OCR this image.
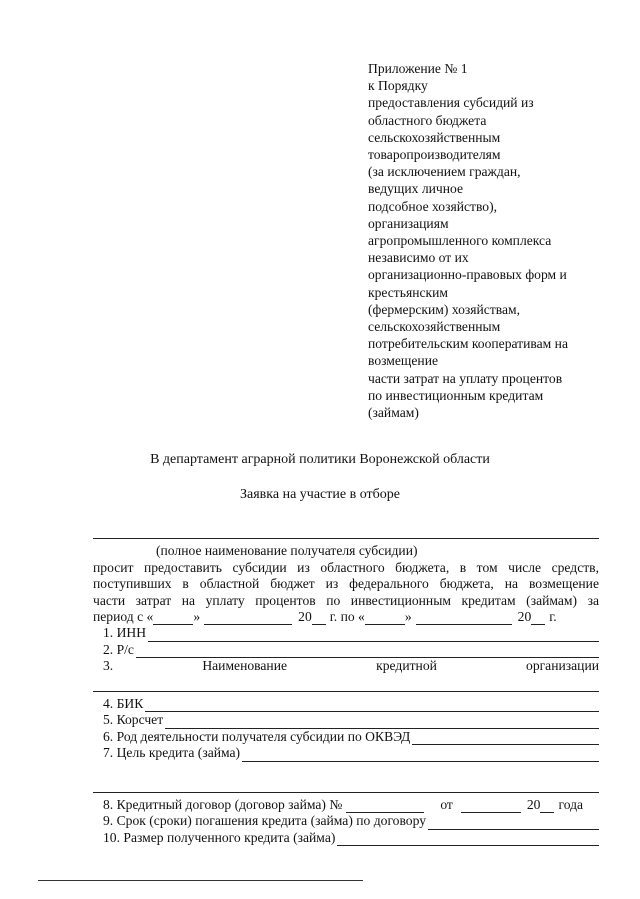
Приложение № 1
к Порядку
предоставления субсидий из
областного бюджета
сельскохозяйственным
товаропроизводителям
(за исключением граждан,
ведущих личное
подсобное хозяйство),
организациям
агропромышленного комплекса
независимо от их
организационно-правовых форм и
крестьянским
(фермерским) хозяйствам,
сельскохозяйственным
потребительским кооперативам на
возмещение
части затрат на уплату процентов
по инвестиционным кредитам
(займам)
В департамент аграрной политики Воронежской области
Заявка на участие в отборе
(полное наименование получателя субсидии)
просит предоставить субсидии из областного бюджета, в том числе средств,
поступивших в областной бюджет из федерального бюджета, на возмещение
части затрат на уплату процентов по инвестиционным кредитам (займам) за
период с «	»	20 г. по «	»	20 г.
1. ИНН
2. Р/с
3.	Наименование	кредитной	организации
4. БИК
5. Корсчет
6. Род деятельности получателя субсидии по ОКВЭД
7. Цель кредита (займа)
8. Кредитный договор (договор займа) №	от	20 года
9. Срок (сроки) погашения кредита (займа) по договору
10. Размер полученного кредита (займа)
